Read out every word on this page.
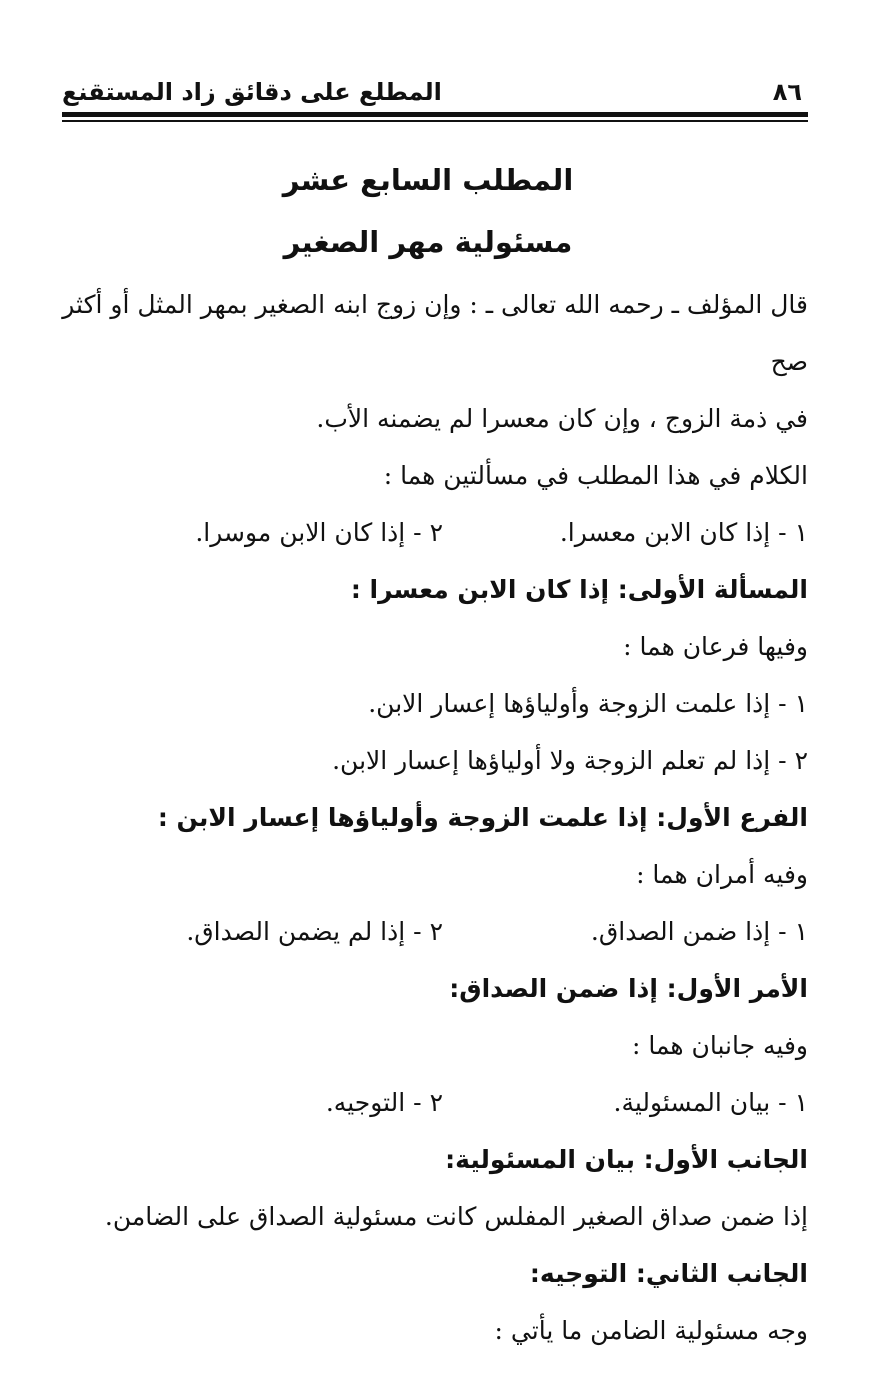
٨٦
المطلع على دقائق زاد المستقنع

المطلب السابع عشر

مسئولية مهر الصغير

قال المؤلف ـ رحمه الله تعالى ـ : وإن زوج ابنه الصغير بمهر المثل أو أكثر صح

في ذمة الزوج ، وإن كان معسرا لم يضمنه الأب.

الكلام في هذا المطلب في مسألتين هما :

١ - إذا كان الابن معسرا.
٢ - إذا كان الابن موسرا.

المسألة الأولى: إذا كان الابن معسرا :

وفيها فرعان هما :

١ - إذا علمت الزوجة وأولياؤها إعسار الابن.

٢ - إذا لم تعلم الزوجة ولا أولياؤها إعسار الابن.

الفرع الأول: إذا علمت الزوجة وأولياؤها إعسار الابن :

وفيه أمران هما :

١ - إذا ضمن الصداق.
٢ - إذا لم يضمن الصداق.

الأمر الأول: إذا ضمن الصداق:

وفيه جانبان هما :

١ - بيان المسئولية.
٢ - التوجيه.

الجانب الأول: بيان المسئولية:

إذا ضمن صداق الصغير المفلس كانت مسئولية الصداق على الضامن.

الجانب الثاني: التوجيه:

وجه مسئولية الضامن ما يأتي :
